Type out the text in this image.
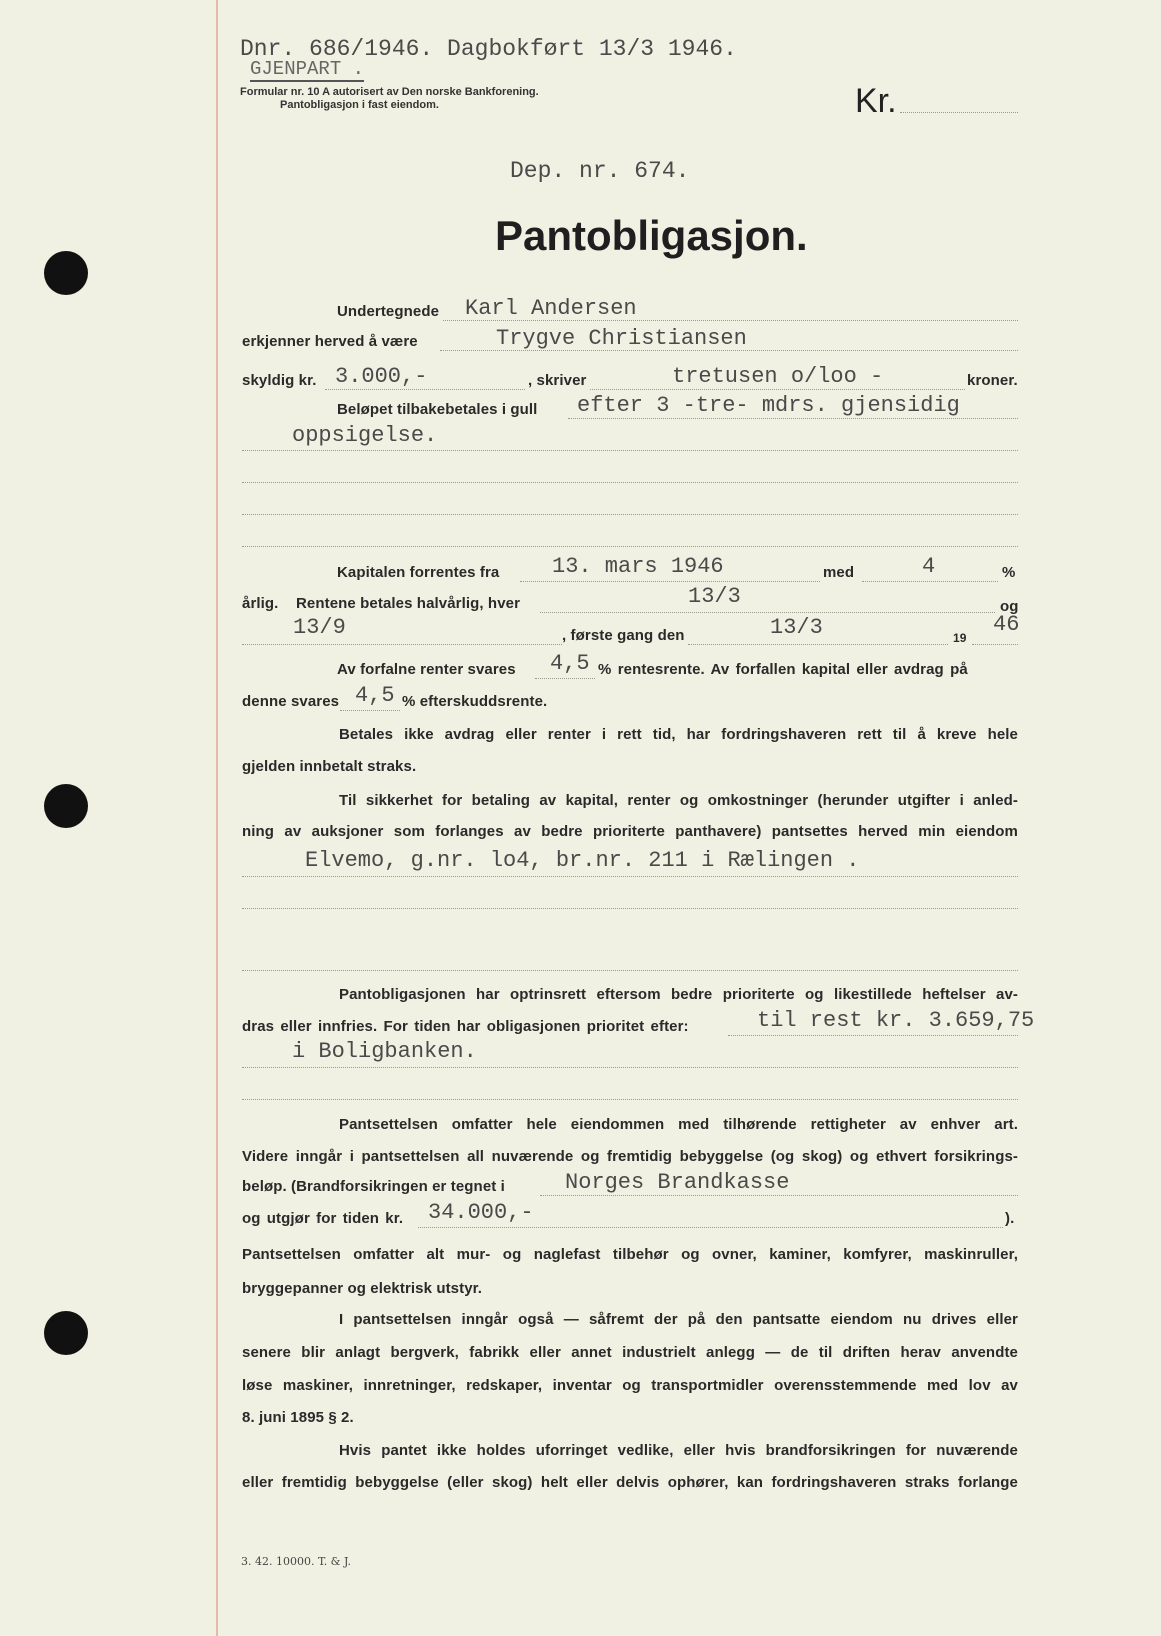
Dnr. 686/1946. Dagbokført 13/3 1946.
GJENPART .
Formular nr. 10 A autorisert av Den norske Bankforening.
Pantobligasjon i fast eiendom.	Kr.
Dep. nr. 674.
Pantobligasjon.
Undertegnede Karl Andersen
erkjenner herved å være	Trygve Christiansen
skyldig kr. 3.000,-	, skriver	tretusen o/loo -	kroner.
Beløpet tilbakebetales i gull efter 3 -tre- mdrs. gjensidig
oppsigelse.
Kapitalen forrentes fra 13. mars 1946	med	4	%
årlig. Rentene betales halvårlig, hver	13/3	og
13/9	, første gang den	13/3	19
46
Av forfalne renter svares 4,5 % rentesrente. Av forfallen kapital eller avdrag på
denne svares 4,5 % efterskuddsrente.
Betales ikke avdrag eller renter i rett tid, har fordringshaveren rett til å kreve hele
gjelden innbetalt straks.
Til sikkerhet for betaling av kapital, renter og omkostninger (herunder utgifter i anled-
ning av auksjoner som forlanges av bedre prioriterte panthavere) pantsettes herved min eiendom
Elvemo, g.nr. lo4, br.nr. 211 i Rælingen .
Pantobligasjonen har optrinsrett eftersom bedre prioriterte og likestillede heftelser av-
dras eller innfries. For tiden har obligasjonen prioritet efter:	til rest kr. 3.659,75
i Boligbanken.
Pantsettelsen omfatter hele eiendommen med tilhørende rettigheter av enhver art.
Videre inngår i pantsettelsen all nuværende og fremtidig bebyggelse (og skog) og ethvert forsikrings-
beløp. (Brandforsikringen er tegnet i	Norges Brandkasse
og utgjør for tiden kr. 34.000,-	).
Pantsettelsen omfatter alt mur- og naglefast tilbehør og ovner, kaminer, komfyrer, maskinruller,
bryggepanner og elektrisk utstyr.
I pantsettelsen inngår også — såfremt der på den pantsatte eiendom nu drives eller
senere blir anlagt bergverk, fabrikk eller annet industrielt anlegg — de til driften herav anvendte
løse maskiner, innretninger, redskaper, inventar og transportmidler overensstemmende med lov av
8. juni 1895 § 2.
Hvis pantet ikke holdes uforringet vedlike, eller hvis brandforsikringen for nuværende
eller fremtidig bebyggelse (eller skog) helt eller delvis ophører, kan fordringshaveren straks forlange
3. 42. 10000. T. & J.
